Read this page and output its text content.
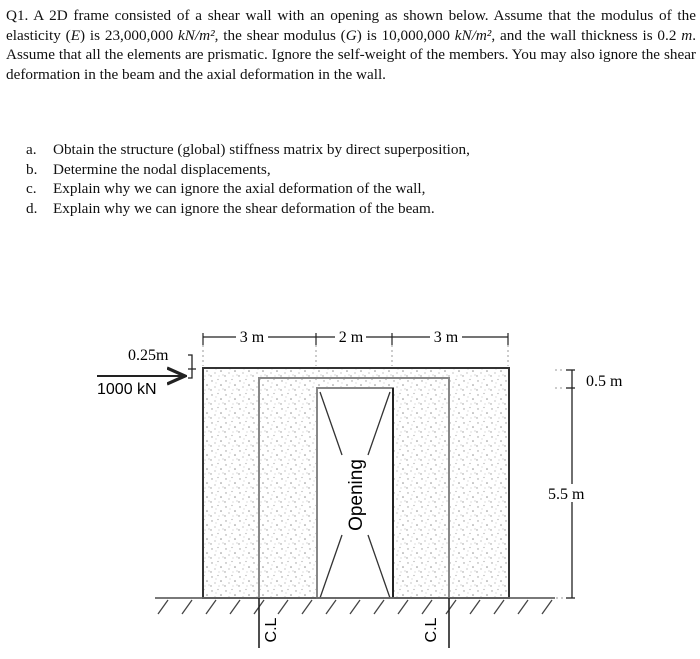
Q1. A 2D frame consisted of a shear wall with an opening as shown below. Assume that the modulus of the elasticity (E) is 23,000,000 kN/m², the shear modulus (G) is 10,000,000 kN/m², and the wall thickness is 0.2 m. Assume that all the elements are prismatic. Ignore the self-weight of the members. You may also ignore the shear deformation in the beam and the axial deformation in the wall.
a.	Obtain the structure (global) stiffness matrix by direct superposition,
b.	Determine the nodal displacements,
c.	Explain why we can ignore the axial deformation of the wall,
d.	Explain why we can ignore the shear deformation of the beam.
Opening
C.L	C.L
3 m	2 m	3 m
0.25m
1000 kN	0.5 m
5.5 m
